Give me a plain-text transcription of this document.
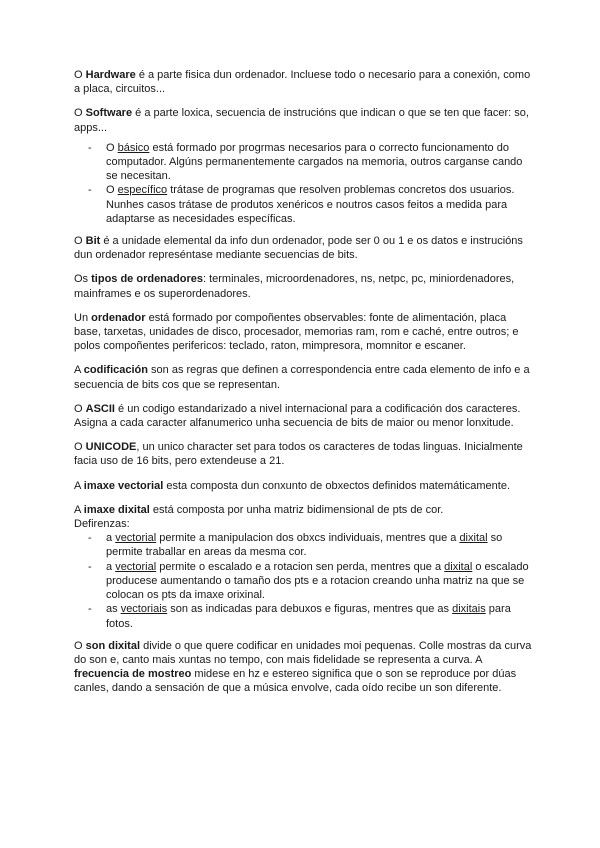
O Hardware é a parte fisica dun ordenador. Incluese todo o necesario para a conexión, como a placa, circuitos...

O Software é a parte loxica, secuencia de instrucións que indican o que se ten que facer: so, apps...

- O básico está formado por progrmas necesarios para o correcto funcionamento do computador. Algúns permanentemente cargados na memoria, outros carganse cando se necesitan.
- O específico trátase de programas que resolven problemas concretos dos usuarios. Nunhes casos trátase de produtos xenéricos e noutros casos feitos a medida para adaptarse as necesidades específicas.

O Bit é a unidade elemental da info dun ordenador, pode ser 0 ou 1 e os datos e instrucións dun ordenador represéntase mediante secuencias de bits.

Os tipos de ordenadores: terminales, microordenadores, ns, netpc, pc, miniordenadores, mainframes e os superordenadores.

Un ordenador está formado por compoñentes observables: fonte de alimentación, placa base, tarxetas, unidades de disco, procesador, memorias ram, rom e caché, entre outros; e polos compoñentes perifericos: teclado, raton, mimpresora, momnitor e escaner.

A codificación son as regras que definen a correspondencia entre cada elemento de info e a secuencia de bits cos que se representan.

O ASCII é un codigo estandarizado a nivel internacional para a codificación dos caracteres. Asigna a cada caracter alfanumerico unha secuencia de bits de maior ou menor lonxitude.

O UNICODE, un unico character set para todos os caracteres de todas linguas. Inicialmente facia uso de 16 bits, pero extendeuse a 21.

A imaxe vectorial esta composta dun conxunto de obxectos definidos matemáticamente.

A imaxe dixital está composta por unha matriz bidimensional de pts de cor.
Defirenzas:

- a vectorial permite a manipulacion dos obxcs individuais, mentres que a dixital so permite traballar en areas da mesma cor.
- a vectorial permite o escalado e a rotacion sen perda, mentres que a dixital o escalado producese aumentando o tamaño dos pts e a rotacion creando unha matriz na que se colocan os pts da imaxe orixinal.
- as vectoriais son as indicadas para debuxos e figuras, mentres que as dixitais para fotos.

O son dixital divide o que quere codificar en unidades moi pequenas. Colle mostras da curva do son e, canto mais xuntas no tempo, con mais fidelidade se representa a curva. A frecuencia de mostreo midese en hz e estereo significa que o son se reproduce por dúas canles, dando a sensación de que a música envolve, cada oído recibe un son diferente.
